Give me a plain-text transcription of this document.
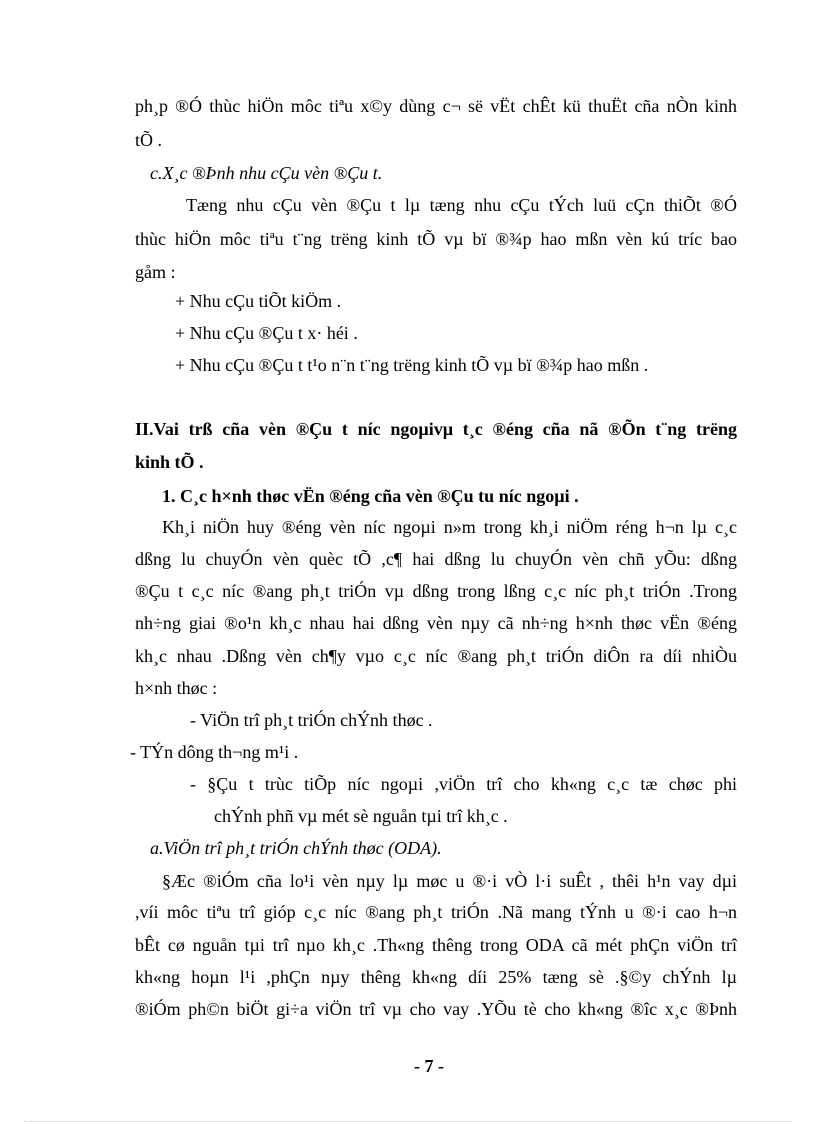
ph¸p ®Ó thùc hiÖn môc tiªu x©y dùng c¬ së vËt chÊt kü thuËt cña nÒn kinh
tÕ .
c.X¸c ®Þnh nhu cÇu vèn ®Çu t.
Tæng nhu cÇu vèn ®Çu t lµ tæng nhu cÇu tÝch luü cÇn thiÕt ®Ó
thùc hiÖn môc tiªu t¨ng trëng kinh tÕ vµ bï ®¾p hao mßn vèn kú tríc bao
gåm :
+ Nhu cÇu tiÕt kiÖm .
+ Nhu cÇu ®Çu t x· héi .
+ Nhu cÇu ®Çu t t¹o n¨n t¨ng trëng kinh tÕ vµ bï ®¾p hao mßn .
II.Vai trß cña vèn ®Çu t níc ngoµivµ t¸c ®éng cña nã ®Õn t¨ng trëng
kinh tÕ .
1. C¸c h×nh thøc vËn ®éng cña vèn ®Çu tu níc ngoµi .
Kh¸i niÖn huy ®éng vèn níc ngoµi n»m trong kh¸i niÖm réng h¬n lµ c¸c
dßng lu chuyÓn vèn quèc tÕ ,c¶ hai dßng lu chuyÓn vèn chñ yÕu: dßng
®Çu t c¸c níc ®ang ph¸t triÓn vµ dßng trong lßng c¸c níc ph¸t triÓn .Trong
nh÷ng giai ®o¹n kh¸c nhau hai dßng vèn nµy cã nh÷ng h×nh thøc vËn ®éng
kh¸c nhau .Dßng vèn ch¶y vµo c¸c níc ®ang ph¸t triÓn diÔn ra díi nhiÒu
h×nh thøc :
- ViÖn trî ph¸t triÓn chÝnh thøc .
- TÝn dông th¬ng m¹i .
- §Çu t trùc tiÕp níc ngoµi ,viÖn trî cho kh«ng c¸c tæ chøc phi
chÝnh phñ vµ mét sè nguån tµi trî kh¸c .
a.ViÖn trî ph¸t triÓn chÝnh thøc (ODA).
§Æc ®iÓm cña lo¹i vèn nµy lµ møc u ®·i vÒ l·i suÊt , thêi h¹n vay dµi
,víi môc tiªu trî gióp c¸c níc ®ang ph¸t triÓn .Nã mang tÝnh u ®·i cao h¬n
bÊt cø nguån tµi trî nµo kh¸c .Th«ng thêng trong ODA cã mét phÇn viÖn trî
kh«ng hoµn l¹i ,phÇn nµy thêng kh«ng díi 25% tæng sè .§©y chÝnh lµ
®iÓm ph©n biÖt gi÷a viÖn trî vµ cho vay .YÕu tè cho kh«ng ®îc x¸c ®Þnh
- 7 -
